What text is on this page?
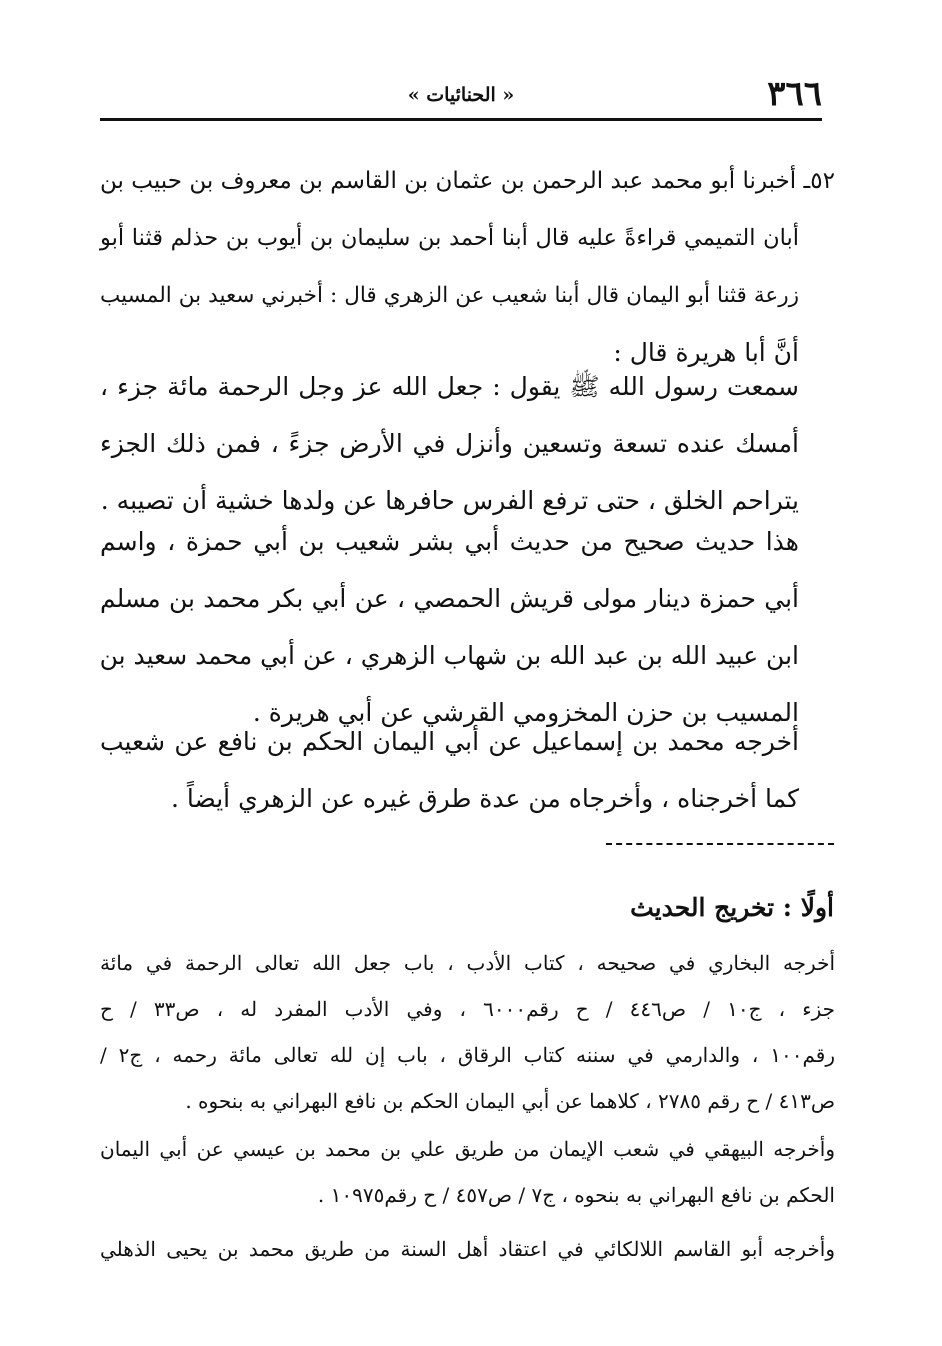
٣٦٦
« الحنائيات »
٥٢ـ أخبرنا أبو محمد عبد الرحمن بن عثمان بن القاسم بن معروف بن حبيب بن
أبان التميمي قراءةً عليه قال أبنا أحمد بن سليمان بن أيوب بن حذلم قثنا أبو
زرعة قثنا أبو اليمان قال أبنا شعيب عن الزهري قال : أخبرني سعيد بن المسيب
أنَّ أبا هريرة قال :
سمعت رسول الله ﷺ يقول : جعل الله عز وجل الرحمة مائة جزء ،
أمسك عنده تسعة وتسعين وأنزل في الأرض جزءً ، فمن ذلك الجزء
يتراحم الخلق ، حتى ترفع الفرس حافرها عن ولدها خشية أن تصيبه .
هذا حديث صحيح من حديث أبي بشر شعيب بن أبي حمزة ، واسم
أبي حمزة دينار مولى قريش الحمصي ، عن أبي بكر محمد بن مسلم
ابن عبيد الله بن عبد الله بن شهاب الزهري ، عن أبي محمد سعيد بن
المسيب بن حزن المخزومي القرشي عن أبي هريرة .
أخرجه محمد بن إسماعيل عن أبي اليمان الحكم بن نافع عن شعيب
كما أخرجناه ، وأخرجاه من عدة طرق غيره عن الزهري أيضاً .
أولًا : تخريج الحديث
أخرجه البخاري في صحيحه ، كتاب الأدب ، باب جعل الله تعالى الرحمة في مائة
جزء ، ج١٠ / ص٤٤٦ / ح رقم٦٠٠٠ ، وفي الأدب المفرد له ، ص٣٣ / ح
رقم١٠٠ ، والدارمي في سننه كتاب الرقاق ، باب إن لله تعالى مائة رحمه ، ج٢ /
ص٤١٣ / ح رقم ٢٧٨٥ ، كلاهما عن أبي اليمان الحكم بن نافع البهراني به بنحوه .
وأخرجه البيهقي في شعب الإيمان من طريق علي بن محمد بن عيسي عن أبي اليمان
الحكم بن نافع البهراني به بنحوه ، ج٧ / ص٤٥٧ / ح رقم١٠٩٧٥ .
وأخرجه أبو القاسم اللالكائي في اعتقاد أهل السنة من طريق محمد بن يحيى الذهلي
